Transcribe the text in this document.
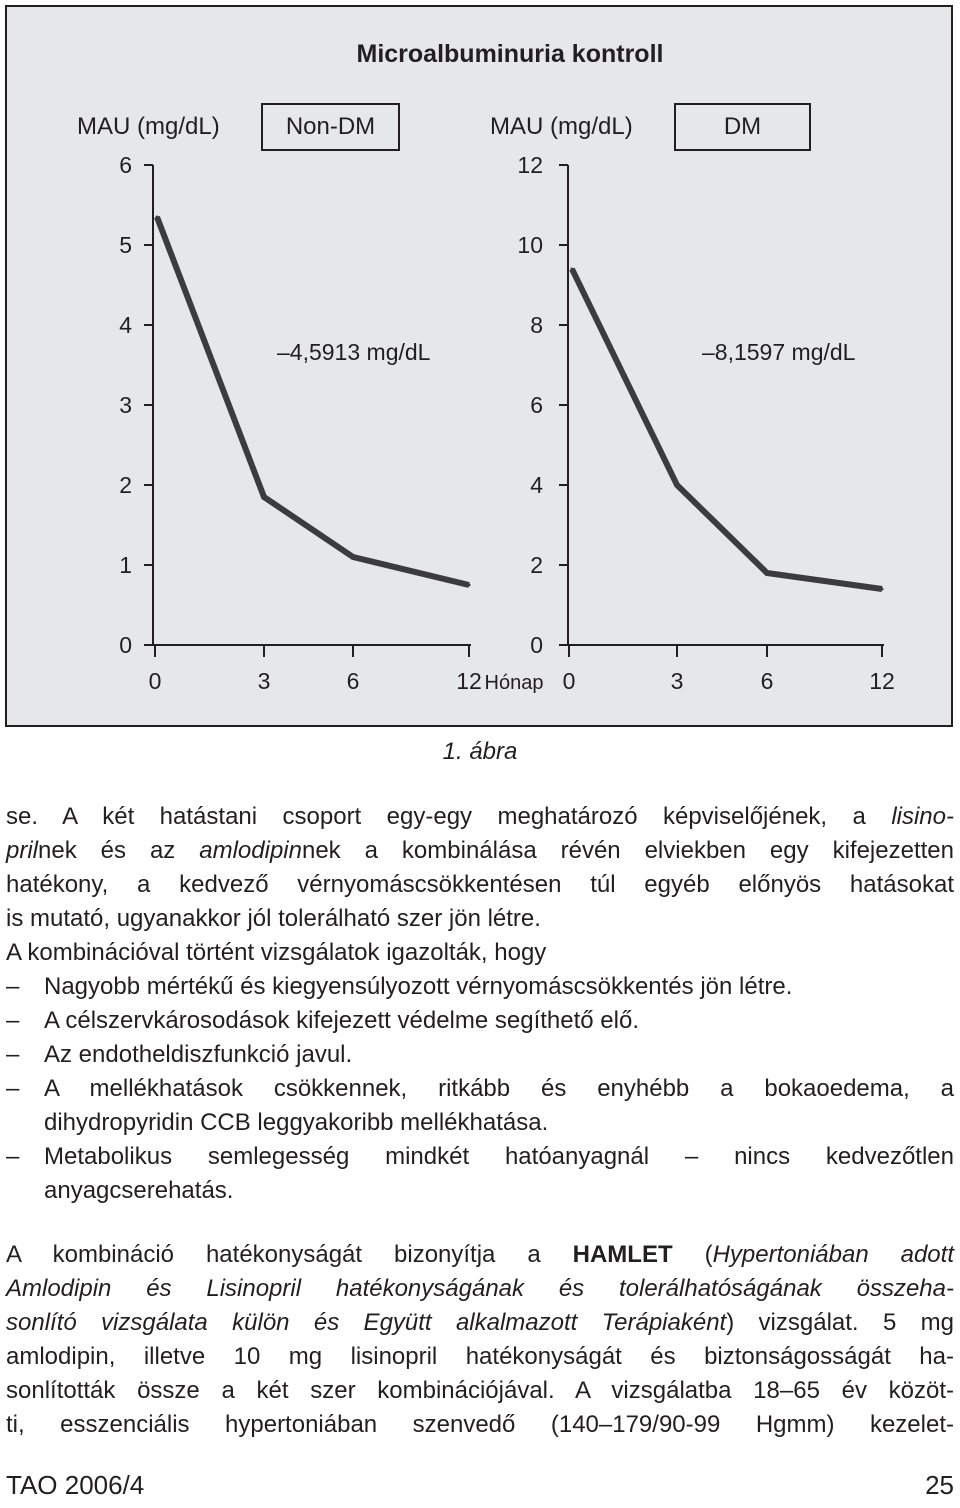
Microalbuminuria kontroll
MAU (mg/dL)	Non-DM
0
1
2
3
4
5
6
0	3	6	12
–4,5913 mg/dL
MAU (mg/dL)	DM
0
2
4
6
8
10
12
0	3	6	12
–8,1597 mg/dL
Hónap
1. ábra
se. A két hatástani csoport egy-egy meghatározó képviselőjének, a lisino-
prilnek és az amlodipinnek a kombinálása révén elviekben egy kifejezetten
hatékony, a kedvező vérnyomáscsökkentésen túl egyéb előnyös hatásokat
is mutató, ugyanakkor jól tolerálható szer jön létre.
A kombinációval történt vizsgálatok igazolták, hogy
– Nagyobb mértékű és kiegyensúlyozott vérnyomáscsökkentés jön létre.
– A célszervkárosodások kifejezett védelme segíthető elő.
– Az endotheldiszfunkció javul.
– A mellékhatások csökkennek, ritkább és enyhébb a bokaoedema, a
dihydropyridin CCB leggyakoribb mellékhatása.
– Metabolikus semlegesség mindkét hatóanyagnál – nincs kedvezőtlen
anyagcserehatás.
A kombináció hatékonyságát bizonyítja a HAMLET (Hypertoniában adott
Amlodipin és Lisinopril hatékonyságának és tolerálhatóságának összeha-
sonlító vizsgálata külön és Együtt alkalmazott Terápiaként) vizsgálat. 5 mg
amlodipin, illetve 10 mg lisinopril hatékonyságát és biztonságosságát ha-
sonlították össze a két szer kombinációjával. A vizsgálatba 18–65 év közöt-
ti, esszenciális hypertoniában szenvedő (140–179/90-99 Hgmm) kezelet-
TAO 2006/4	25
